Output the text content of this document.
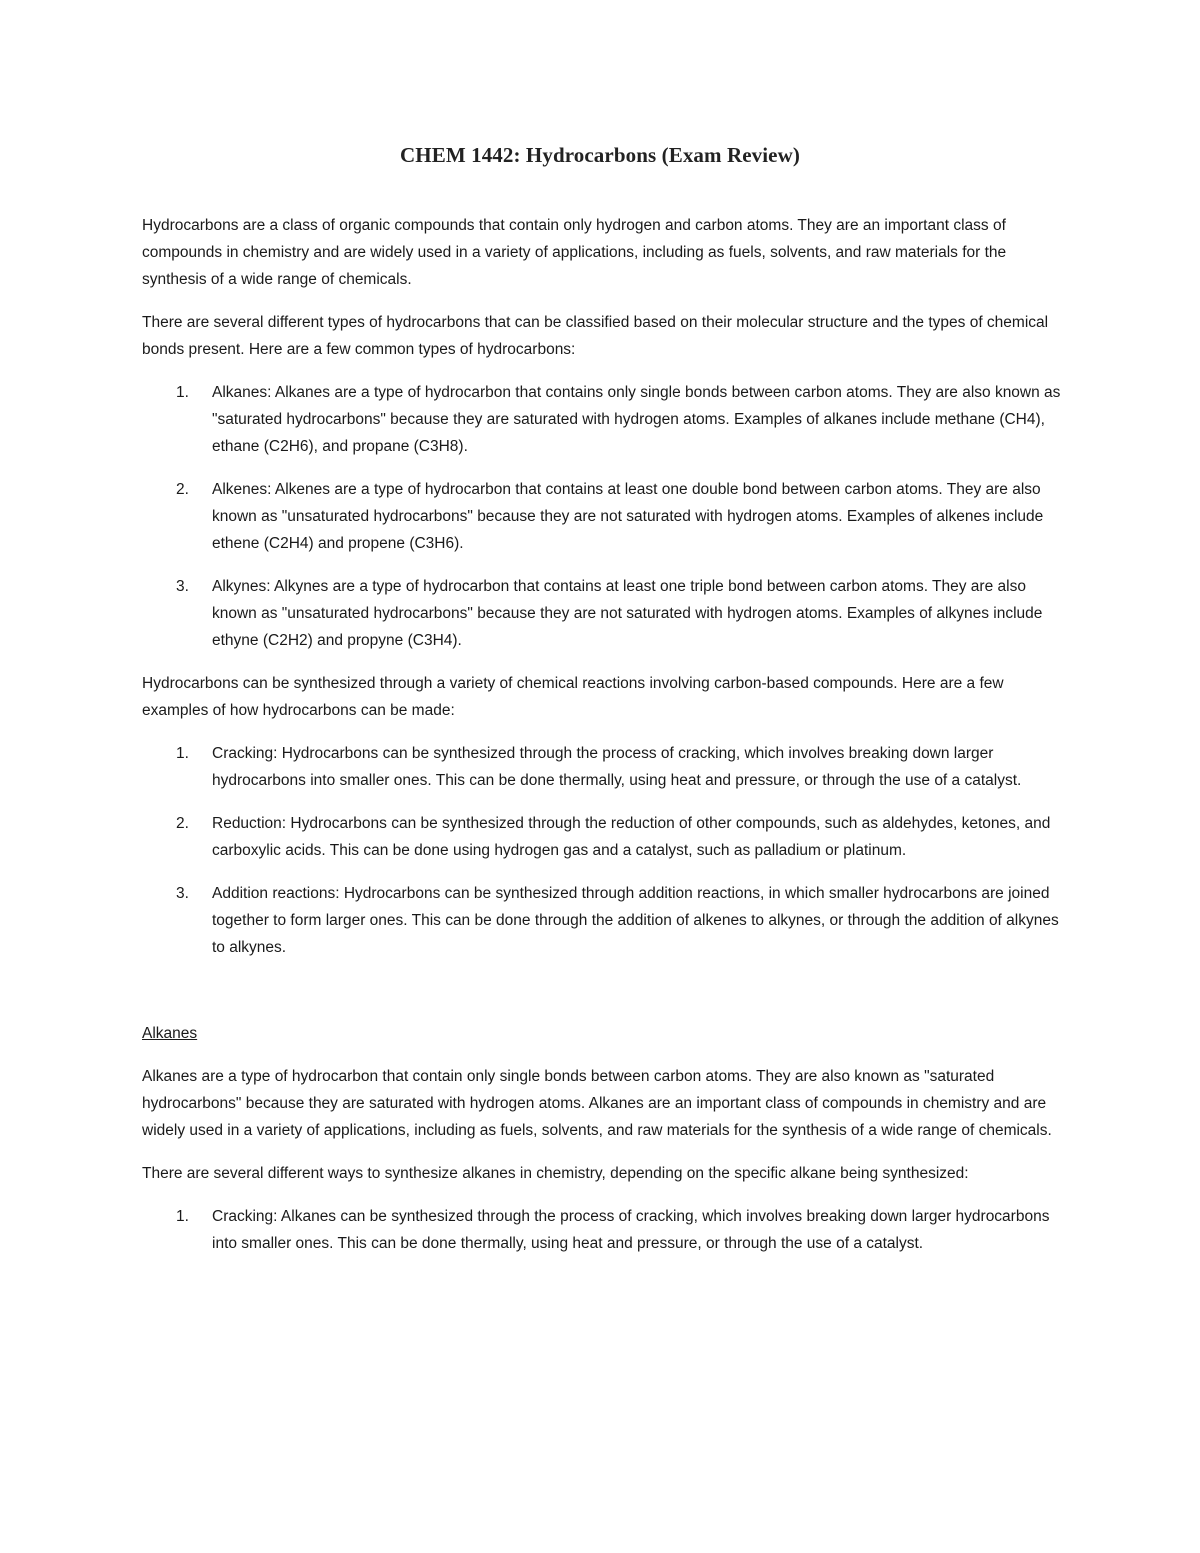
CHEM 1442: Hydrocarbons (Exam Review)

Hydrocarbons are a class of organic compounds that contain only hydrogen and carbon atoms. They are an important class of compounds in chemistry and are widely used in a variety of applications, including as fuels, solvents, and raw materials for the synthesis of a wide range of chemicals.

There are several different types of hydrocarbons that can be classified based on their molecular structure and the types of chemical bonds present. Here are a few common types of hydrocarbons:

1. Alkanes: Alkanes are a type of hydrocarbon that contains only single bonds between carbon atoms. They are also known as "saturated hydrocarbons" because they are saturated with hydrogen atoms. Examples of alkanes include methane (CH4), ethane (C2H6), and propane (C3H8).
2. Alkenes: Alkenes are a type of hydrocarbon that contains at least one double bond between carbon atoms. They are also known as "unsaturated hydrocarbons" because they are not saturated with hydrogen atoms. Examples of alkenes include ethene (C2H4) and propene (C3H6).
3. Alkynes: Alkynes are a type of hydrocarbon that contains at least one triple bond between carbon atoms. They are also known as "unsaturated hydrocarbons" because they are not saturated with hydrogen atoms. Examples of alkynes include ethyne (C2H2) and propyne (C3H4).

Hydrocarbons can be synthesized through a variety of chemical reactions involving carbon-based compounds. Here are a few examples of how hydrocarbons can be made:

1. Cracking: Hydrocarbons can be synthesized through the process of cracking, which involves breaking down larger hydrocarbons into smaller ones. This can be done thermally, using heat and pressure, or through the use of a catalyst.
2. Reduction: Hydrocarbons can be synthesized through the reduction of other compounds, such as aldehydes, ketones, and carboxylic acids. This can be done using hydrogen gas and a catalyst, such as palladium or platinum.
3. Addition reactions: Hydrocarbons can be synthesized through addition reactions, in which smaller hydrocarbons are joined together to form larger ones. This can be done through the addition of alkenes to alkynes, or through the addition of alkynes to alkynes.

Alkanes

Alkanes are a type of hydrocarbon that contain only single bonds between carbon atoms. They are also known as "saturated hydrocarbons" because they are saturated with hydrogen atoms. Alkanes are an important class of compounds in chemistry and are widely used in a variety of applications, including as fuels, solvents, and raw materials for the synthesis of a wide range of chemicals.

There are several different ways to synthesize alkanes in chemistry, depending on the specific alkane being synthesized:

1. Cracking: Alkanes can be synthesized through the process of cracking, which involves breaking down larger hydrocarbons into smaller ones. This can be done thermally, using heat and pressure, or through the use of a catalyst.
